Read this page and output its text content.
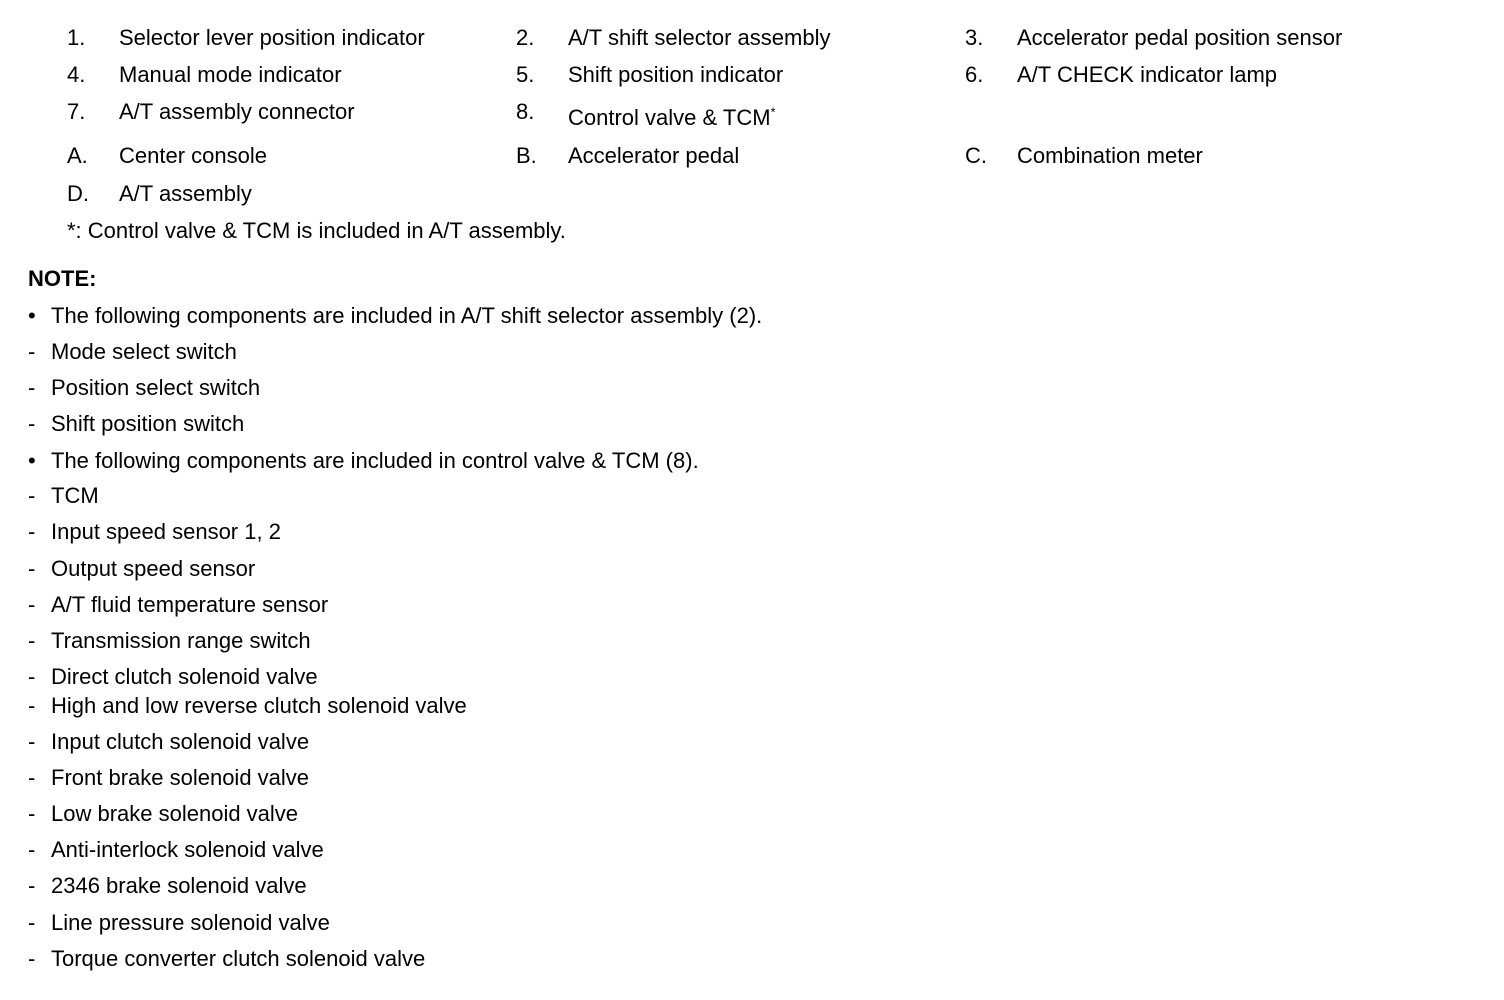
1. Selector lever position indicator	2. A/T shift selector assembly	3. Accelerator pedal position sensor
4. Manual mode indicator	5. Shift position indicator	6. A/T CHECK indicator lamp
7. A/T assembly connector	8. Control valve & TCM*
A. Center console	B. Accelerator pedal	C. Combination meter
D. A/T assembly
*: Control valve & TCM is included in A/T assembly.
NOTE:
• The following components are included in A/T shift selector assembly (2).
- Mode select switch
- Position select switch
- Shift position switch
• The following components are included in control valve & TCM (8).
- TCM
- Input speed sensor 1, 2
- Output speed sensor
- A/T fluid temperature sensor
- Transmission range switch
- Direct clutch solenoid valve
- High and low reverse clutch solenoid valve
- Input clutch solenoid valve
- Front brake solenoid valve
- Low brake solenoid valve
- Anti-interlock solenoid valve
- 2346 brake solenoid valve
- Line pressure solenoid valve
- Torque converter clutch solenoid valve
